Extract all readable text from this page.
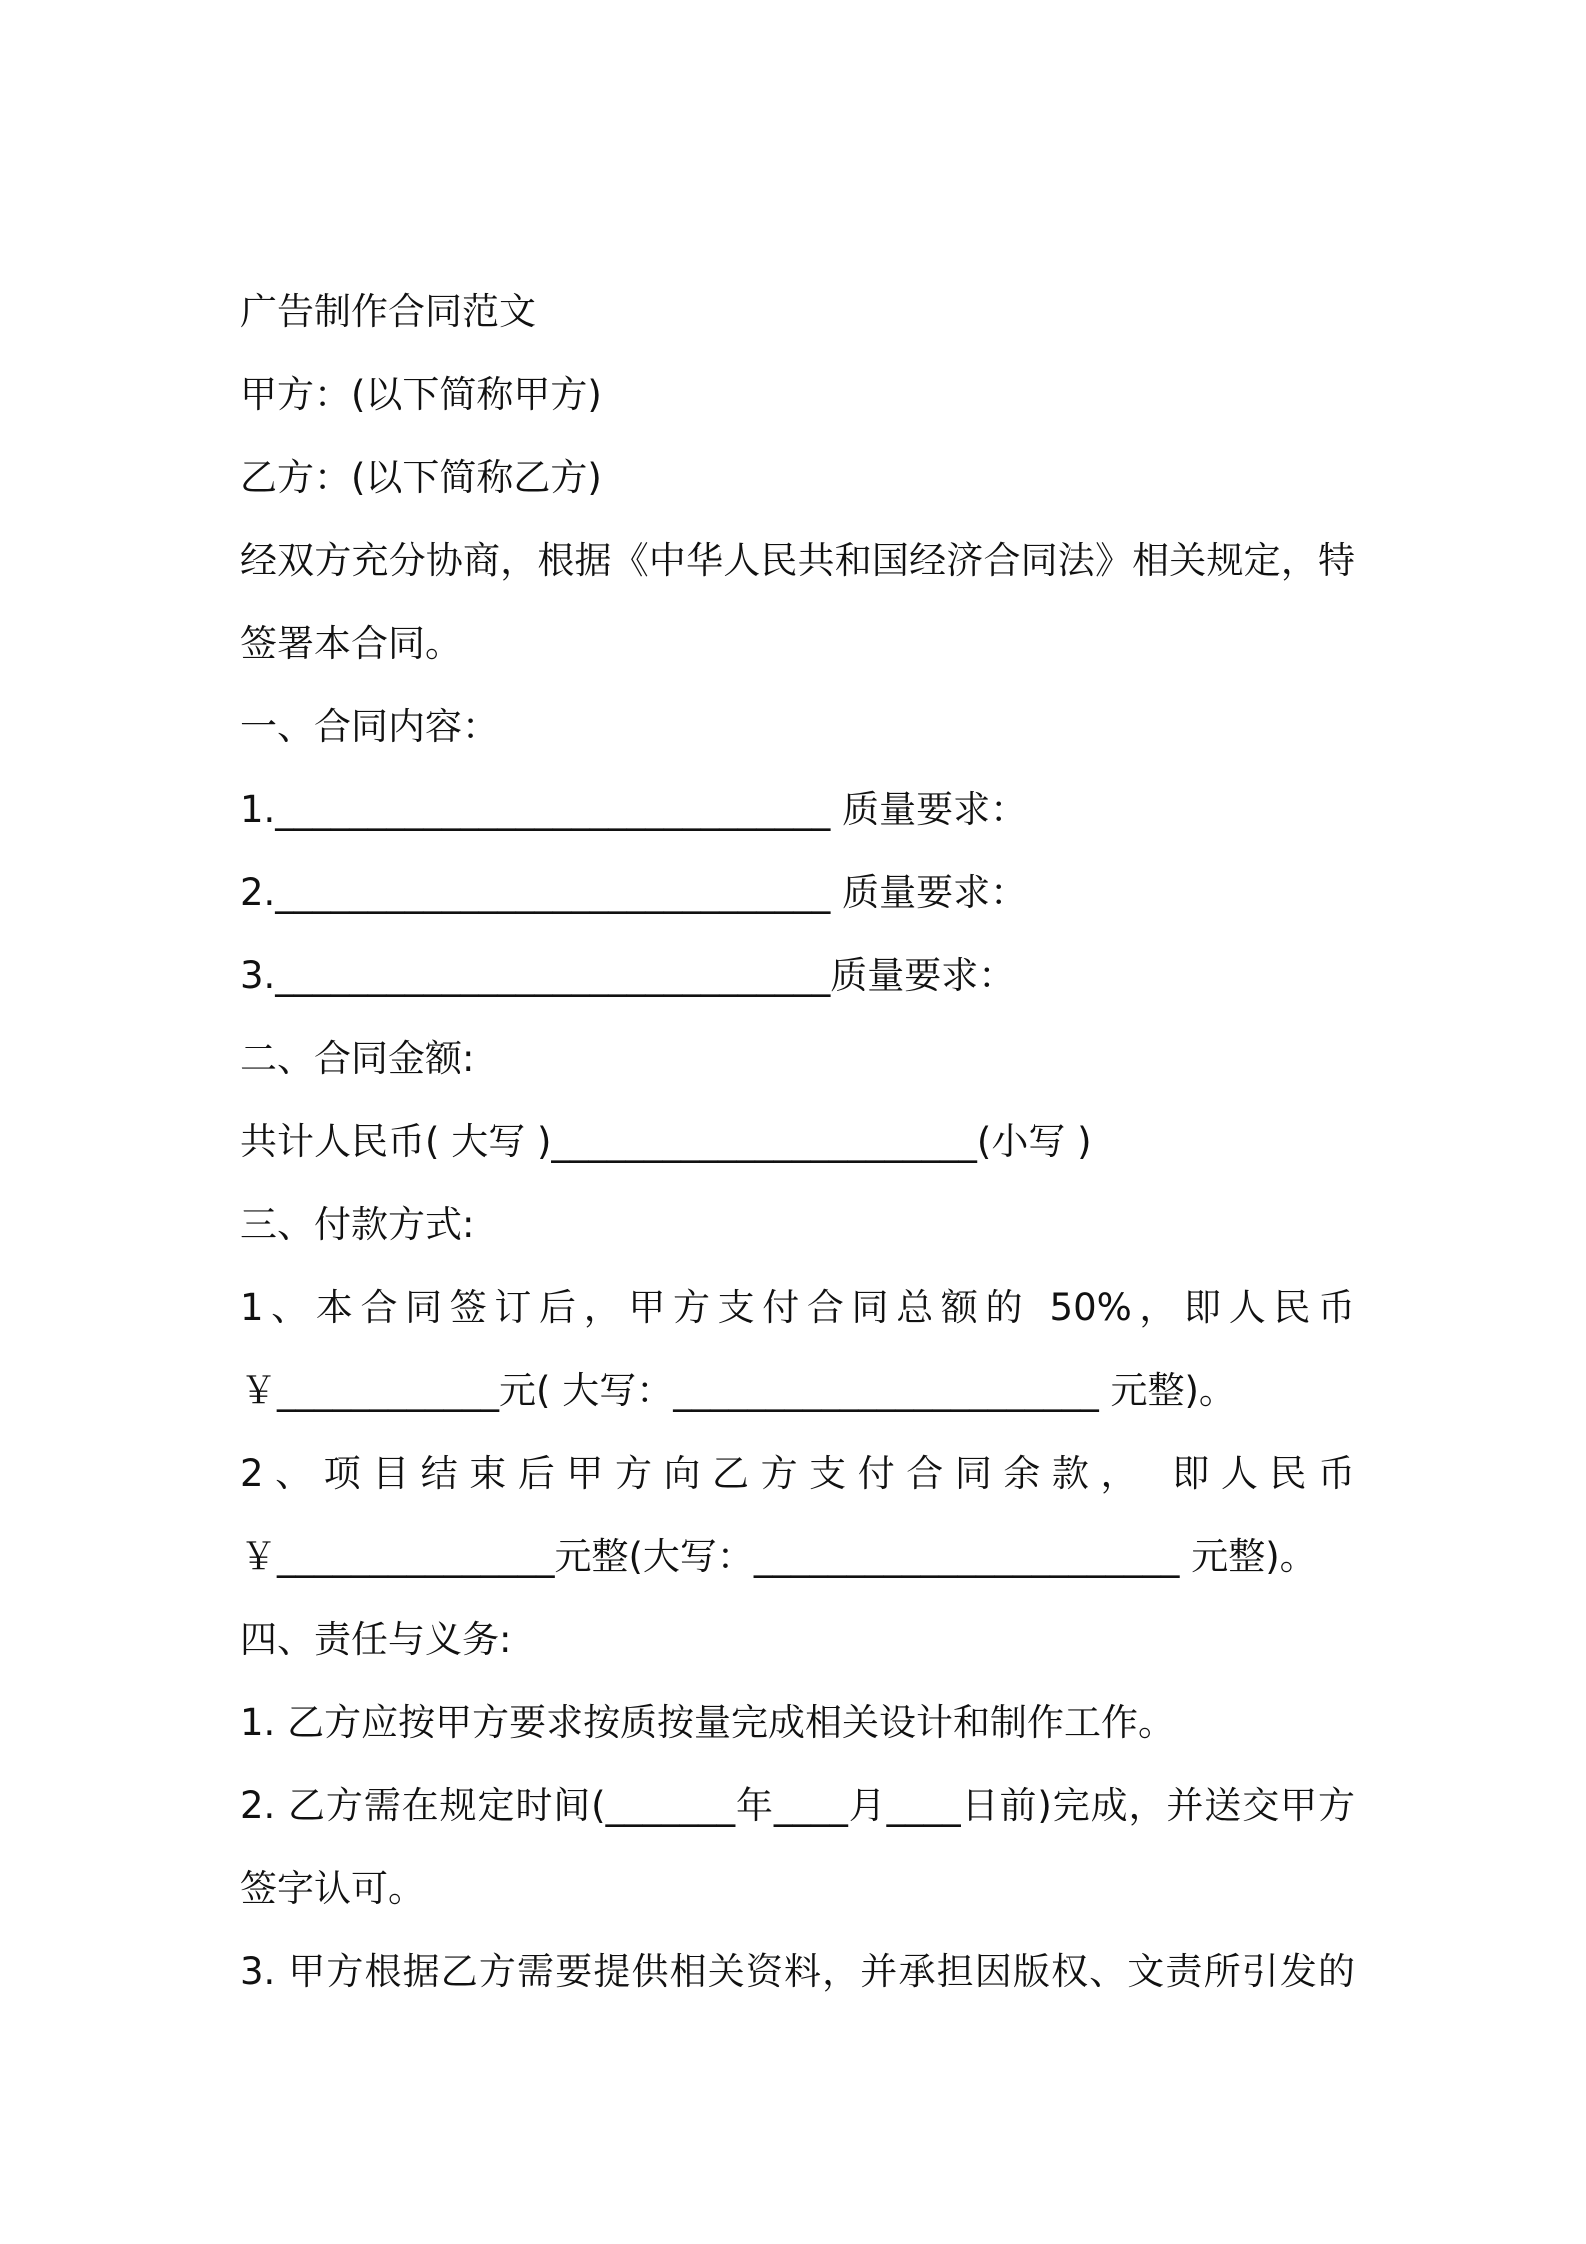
广告制作合同范文
甲方：(以下简称甲方)
乙方：(以下简称乙方)
经双方充分协商，根据《中华人民共和国经济合同法》相关规定，特
签署本合同。
一、合同内容：
1.______________________________ 质量要求：
2.______________________________ 质量要求：
3.______________________________质量要求：
二、合同金额:
共计人民币( 大写 )_______________________(小写 )
三、付款方式:
1、本合同签订后，甲方支付合同总额的 50%，即人民币
￥____________元( 大写：_______________________ 元整)。
2、项目结束后甲方向乙方支付合同余款， 即人民币
￥_______________元整(大写：_______________________ 元整)。
四、责任与义务:
1. 乙方应按甲方要求按质按量完成相关设计和制作工作。
2. 乙方需在规定时间(_______年____月____日前)完成，并送交甲方
签字认可。
3. 甲方根据乙方需要提供相关资料，并承担因版权、文责所引发的
